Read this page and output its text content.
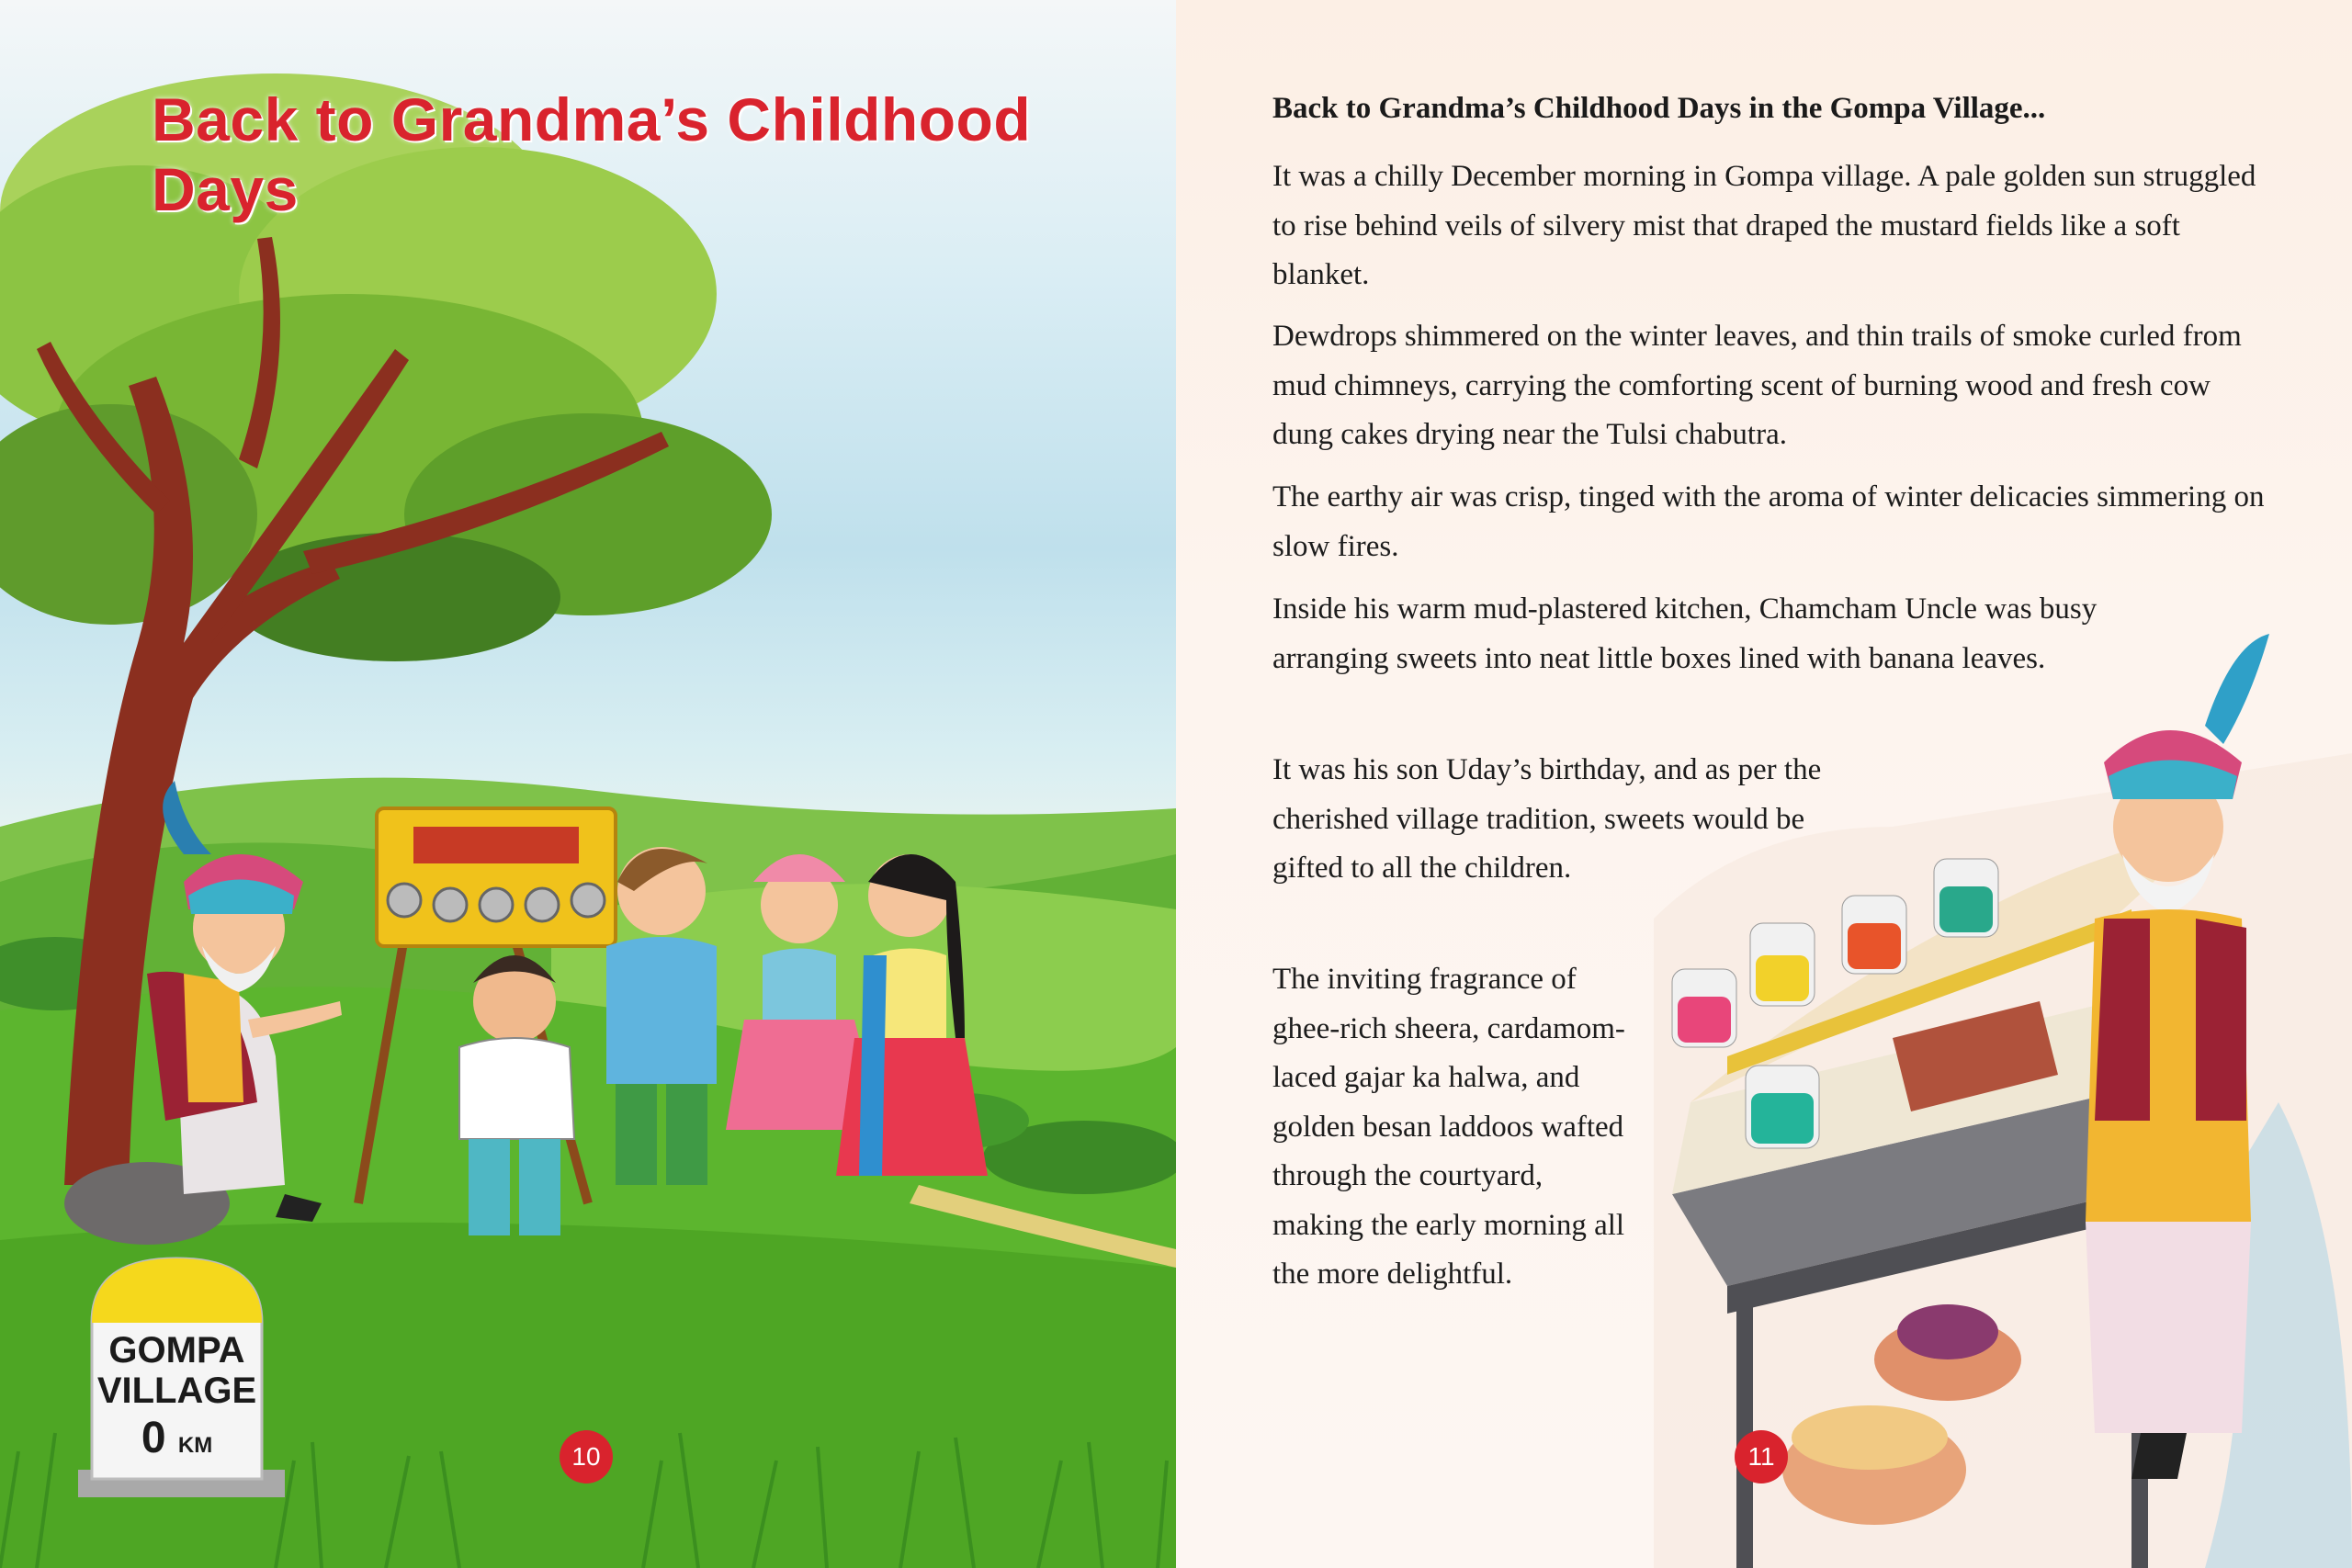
Back to Grandma’s Childhood Days
GOMPA
VILLAGE
0 KM	10
Back to Grandma’s Childhood Days in the Gompa Village...

It was a chilly December morning in Gompa village. A pale golden sun struggled to rise behind veils of silvery mist that draped the mustard fields like a soft blanket.

Dewdrops shimmered on the winter leaves, and thin trails of smoke curled from mud chimneys, carrying the comforting scent of burning wood and fresh cow dung cakes drying near the Tulsi chabutra.

The earthy air was crisp, tinged with the aroma of winter delicacies simmering on slow fires.

Inside his warm mud-plastered kitchen, Chamcham Uncle was busy arranging sweets into neat little boxes lined with banana leaves.

It was his son Uday’s birthday, and as per the cherished village tradition, sweets would be gifted to all the children.

The inviting fragrance of ghee-rich sheera, cardamom-laced gajar ka halwa, and golden besan laddoos wafted through the courtyard, making the early morning all the more delightful.

11
